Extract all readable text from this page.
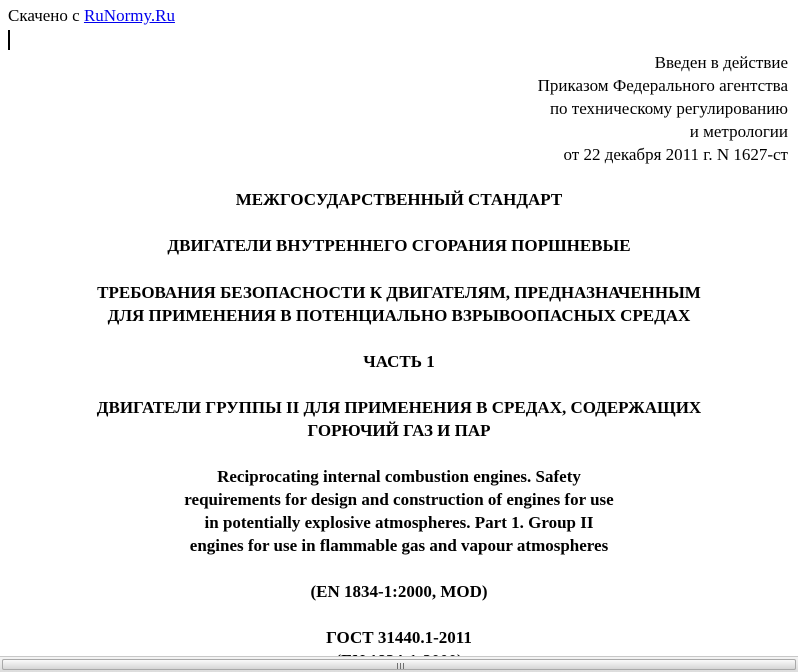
Скачено с RuNormy.Ru
Введен в действие
Приказом Федерального агентства
по техническому регулированию
и метрологии
от 22 декабря 2011 г. N 1627-ст
МЕЖГОСУДАРСТВЕННЫЙ СТАНДАРТ
ДВИГАТЕЛИ ВНУТРЕННЕГО СГОРАНИЯ ПОРШНЕВЫЕ
ТРЕБОВАНИЯ БЕЗОПАСНОСТИ К ДВИГАТЕЛЯМ, ПРЕДНАЗНАЧЕННЫМ
ДЛЯ ПРИМЕНЕНИЯ В ПОТЕНЦИАЛЬНО ВЗРЫВООПАСНЫХ СРЕДАХ
ЧАСТЬ 1
ДВИГАТЕЛИ ГРУППЫ II ДЛЯ ПРИМЕНЕНИЯ В СРЕДАХ, СОДЕРЖАЩИХ
ГОРЮЧИЙ ГАЗ И ПАР
Reciprocating internal combustion engines. Safety
requirements for design and construction of engines for use
in potentially explosive atmospheres. Part 1. Group II
engines for use in flammable gas and vapour atmospheres
(EN 1834-1:2000, MOD)
ГОСТ 31440.1-2011
